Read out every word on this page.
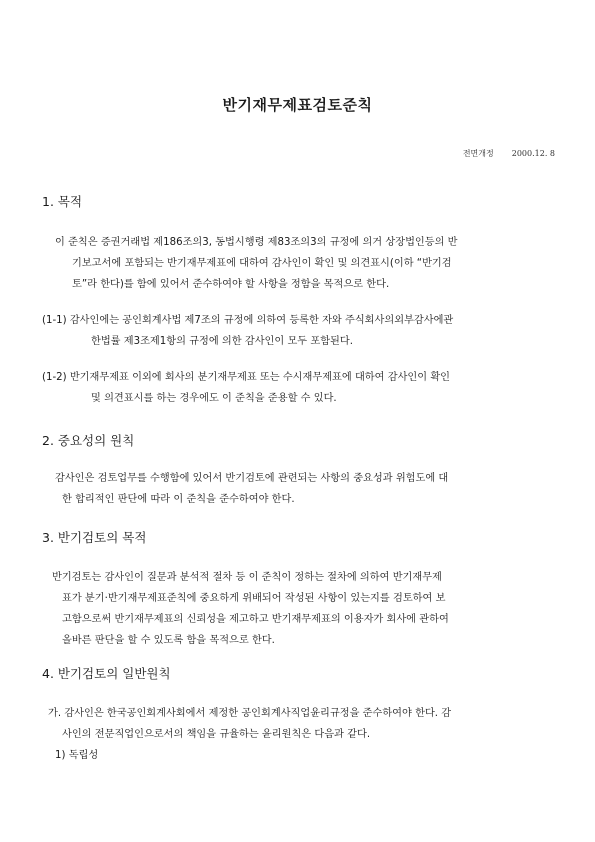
반기재무제표검토준칙
전면개정 2000.12. 8
1. 목적
이 준칙은 증권거래법 제186조의3, 동법시행령 제83조의3의 규정에 의거 상장법인등의 반
기보고서에 포함되는 반기재무제표에 대하여 감사인이 확인 및 의견표시(이하 “반기검
토”라 한다)를 함에 있어서 준수하여야 할 사항을 정함을 목적으로 한다.
(1-1) 감사인에는 공인회계사법 제7조의 규정에 의하여 등록한 자와 주식회사의외부감사에관
한법률 제3조제1항의 규정에 의한 감사인이 모두 포함된다.
(1-2) 반기재무제표 이외에 회사의 분기재무제표 또는 수시재무제표에 대하여 감사인이 확인
및 의견표시를 하는 경우에도 이 준칙을 준용할 수 있다.
2. 중요성의 원칙
감사인은 검토업무를 수행함에 있어서 반기검토에 관련되는 사항의 중요성과 위험도에 대
한 합리적인 판단에 따라 이 준칙을 준수하여야 한다.
3. 반기검토의 목적
반기검토는 감사인이 질문과 분석적 절차 등 이 준칙이 정하는 절차에 의하여 반기재무제
표가 분기·반기재무제표준칙에 중요하게 위배되어 작성된 사항이 있는지를 검토하여 보
고함으로써 반기재무제표의 신뢰성을 제고하고 반기재무제표의 이용자가 회사에 관하여
올바른 판단을 할 수 있도록 함을 목적으로 한다.
4. 반기검토의 일반원칙
가. 감사인은 한국공인회계사회에서 제정한 공인회계사직업윤리규정을 준수하여야 한다. 감
사인의 전문직업인으로서의 책임을 규율하는 윤리원칙은 다음과 같다.
1) 독립성
